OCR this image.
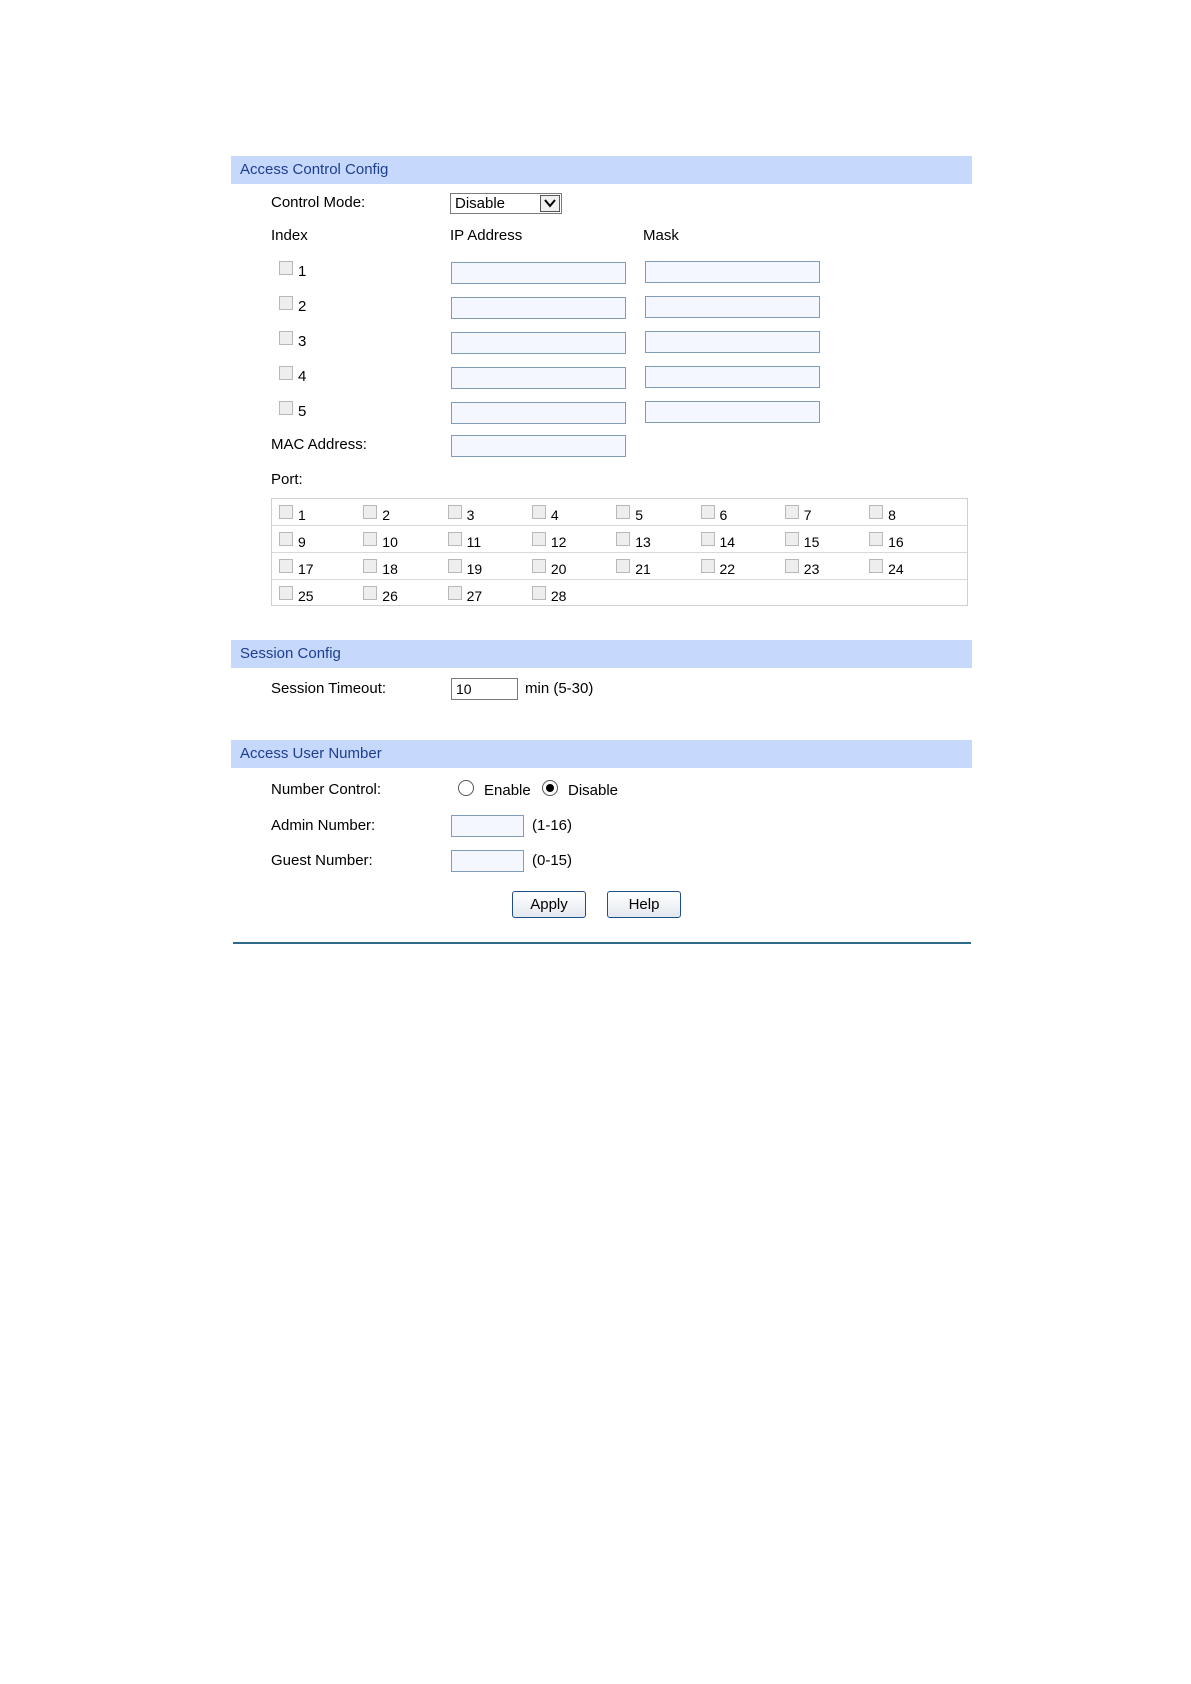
Access Control Config
Control Mode:	Disable
Index	IP Address	Mask
1
2
3
4
5
MAC Address:
Port:
1	2	3	4	5	6	7	8
9	10	11	12	13	14	15	16
17	18	19	20	21	22	23	24
25	26	27	28
Session Config
Session Timeout:
10	min (5-30)
Access User Number
Number Control:	Enable Disable
Admin Number:	(1-16)
Guest Number:	(0-15)
Apply	Help
